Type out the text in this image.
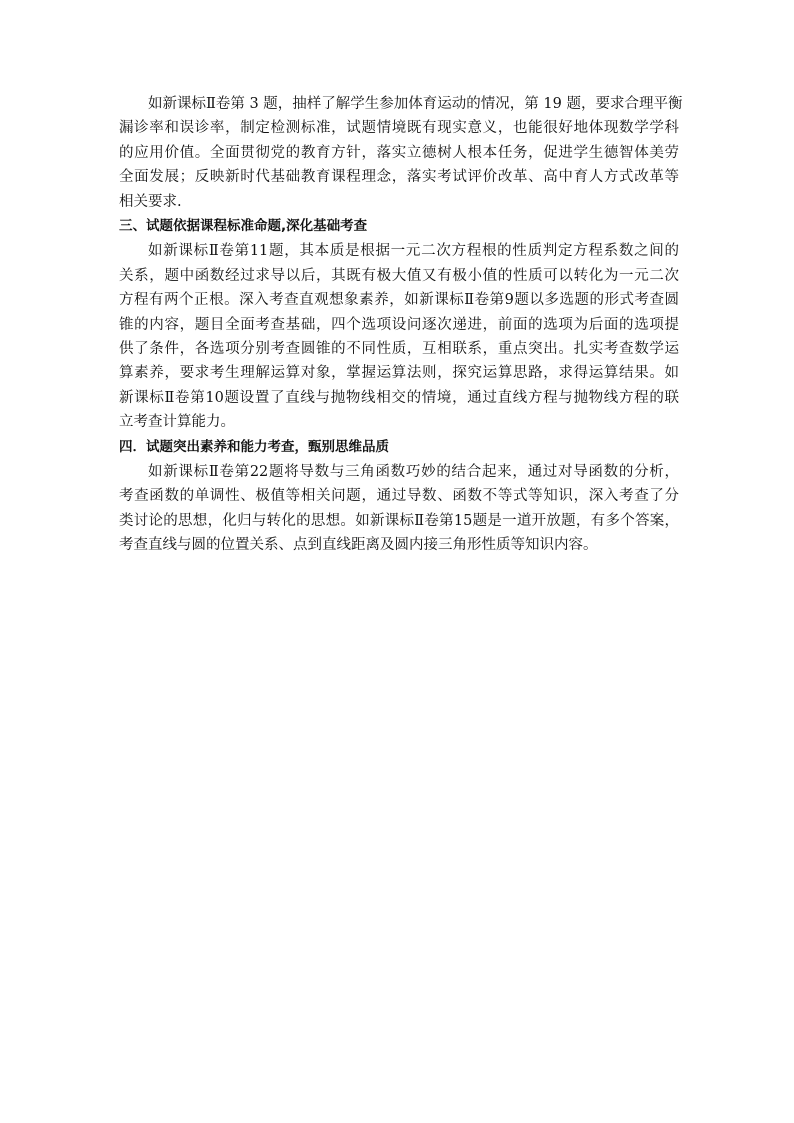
如新课标Ⅱ卷第 3 题，抽样了解学生参加体育运动的情况，第 19 题，要求合理平衡
漏诊率和误诊率，制定检测标准，试题情境既有现实意义，也能很好地体现数学学科
的应用价值。全面贯彻党的教育方针，落实立德树人根本任务，促进学生德智体美劳
全面发展；反映新时代基础教育课程理念，落实考试评价改革、高中育人方式改革等
相关要求.
三、试题依据课程标准命题,深化基础考查
如新课标Ⅱ卷第11题，其本质是根据一元二次方程根的性质判定方程系数之间的
关系，题中函数经过求导以后，其既有极大值又有极小值的性质可以转化为一元二次
方程有两个正根。深入考查直观想象素养，如新课标Ⅱ卷第9题以多选题的形式考查圆
锥的内容，题目全面考查基础，四个选项设问逐次递进，前面的选项为后面的选项提
供了条件，各选项分别考查圆锥的不同性质，互相联系，重点突出。扎实考查数学运
算素养，要求考生理解运算对象，掌握运算法则，探究运算思路，求得运算结果。如
新课标Ⅱ卷第10题设置了直线与抛物线相交的情境，通过直线方程与抛物线方程的联
立考查计算能力。
四．试题突出素养和能力考查，甄别思维品质
如新课标Ⅱ卷第22题将导数与三角函数巧妙的结合起来，通过对导函数的分析，
考查函数的单调性、极值等相关问题，通过导数、函数不等式等知识，深入考查了分
类讨论的思想，化归与转化的思想。如新课标Ⅱ卷第15题是一道开放题，有多个答案，
考查直线与圆的位置关系、点到直线距离及圆内接三角形性质等知识内容。
